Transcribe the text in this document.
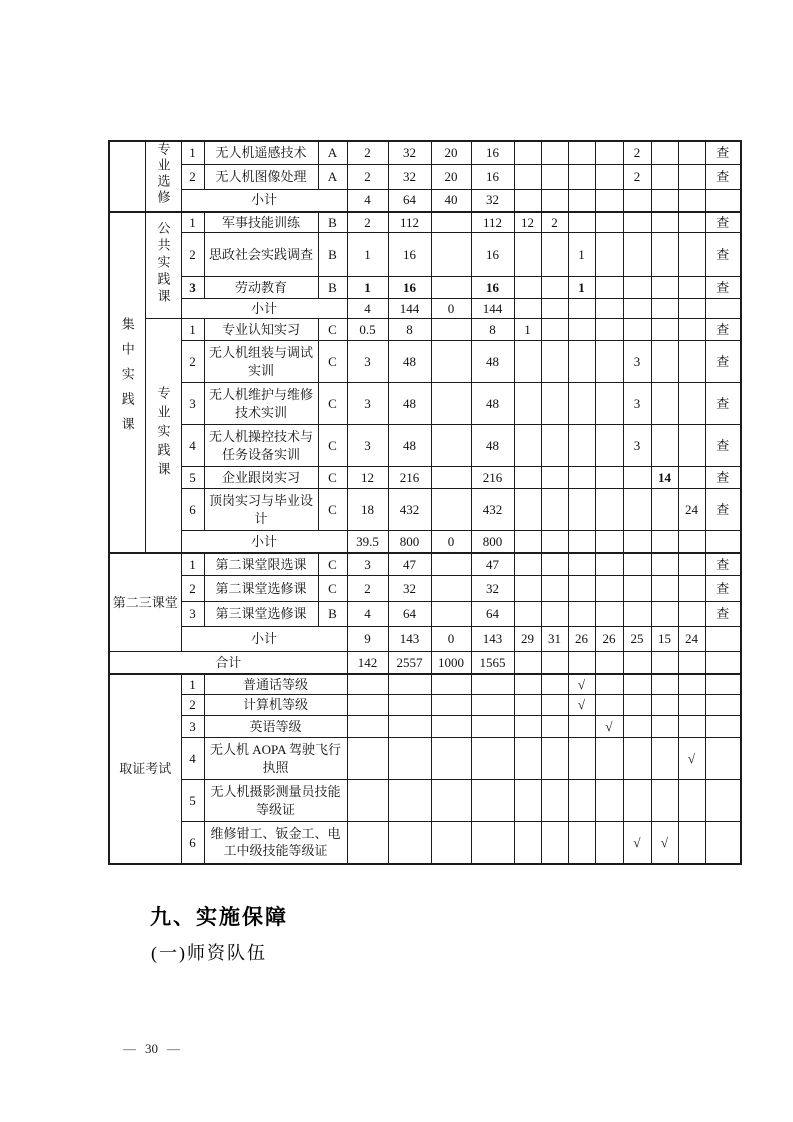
	专业选修	1	无人机遥感技术	A	2	32	20	16					2			查
		2	无人机图像处理	A	2	32	20	16					2			查
		小计			4	64	40	32								
集中实践课	公共实践课	1	军事技能训练	B	2	112		112	12	2						查
		2	思政社会实践调查	B	1	16		16			1					查
		3	劳动教育	B	1	16		16			1					查
		小计			4	144	0	144								
	专业实践课	1	专业认知实习	C	0.5	8		8	1							查
		2	无人机组装与调试实训	C	3	48		48					3			查
		3	无人机维护与维修技术实训	C	3	48		48					3			查
		4	无人机操控技术与任务设备实训	C	3	48		48					3			查
		5	企业跟岗实习	C	12	216		216						14		查
		6	顶岗实习与毕业设计	C	18	432		432							24	查
		小计			39.5	800	0	800								
第二三课堂		1	第二课堂限选课	C	3	47		47								查
		2	第二课堂选修课	C	2	32		32								查
		3	第三课堂选修课	B	4	64		64								查
		小计			9	143	0	143	29	31	26	26	25	15	24	
合计					142	2557	1000	1565								
取证考试		1	普通话等级								√					
		2	计算机等级								√					
		3	英语等级									√				
		4	无人机 AOPA 驾驶飞行执照												√	
		5	无人机摄影测量员技能等级证													
		6	维修钳工、钣金工、电工中级技能等级证										√	√		
九、实施保障
(一)师资队伍
— 30 —
